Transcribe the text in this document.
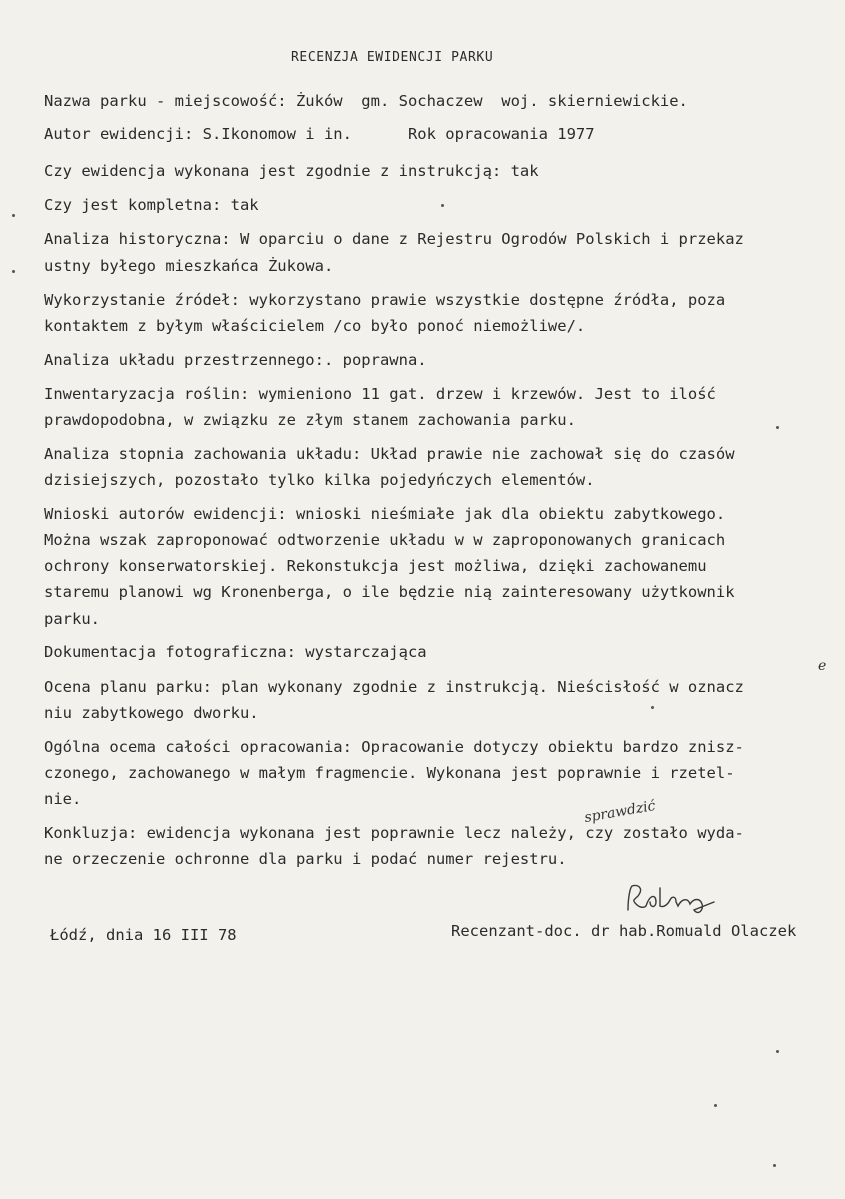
RECENZJA EWIDENCJI PARKU
Nazwa parku - miejscowość: Żuków  gm. Sochaczew  woj. skierniewickie.
Autor ewidencji: S.Ikonomow i in.      Rok opracowania 1977
Czy ewidencja wykonana jest zgodnie z instrukcją: tak
Czy jest kompletna: tak
Analiza historyczna: W oparciu o dane z Rejestru Ogrodów Polskich i przekaz
ustny byłego mieszkańca Żukowa.
Wykorzystanie źródeł: wykorzystano prawie wszystkie dostępne źródła, poza
kontaktem z byłym właścicielem /co było ponoć niemożliwe/.
Analiza układu przestrzennego:. poprawna.
Inwentaryzacja roślin: wymieniono 11 gat. drzew i krzewów. Jest to ilość
prawdopodobna, w związku ze złym stanem zachowania parku.
Analiza stopnia zachowania układu: Układ prawie nie zachował się do czasów
dzisiejszych, pozostało tylko kilka pojedyńczych elementów.
Wnioski autorów ewidencji: wnioski nieśmiałe jak dla obiektu zabytkowego.
Można wszak zaproponować odtworzenie układu w w zaproponowanych granicach
ochrony konserwatorskiej. Rekonstukcja jest możliwa, dzięki zachowanemu
staremu planowi wg Kronenberga, o ile będzie nią zainteresowany użytkownik
parku.
Dokumentacja fotograficzna: wystarczająca
e
Ocena planu parku: plan wykonany zgodnie z instrukcją. Nieścisłość w oznacz
niu zabytkowego dworku.
Ogólna ocema całości opracowania: Opracowanie dotyczy obiektu bardzo znisz-
czonego, zachowanego w małym fragmencie. Wykonana jest poprawnie i rzetel-
nie.	sprawdzić
Konkluzja: ewidencja wykonana jest poprawnie lecz należy, czy zostało wyda-
ne orzeczenie ochronne dla parku i podać numer rejestru.
Łódź, dnia 16 III 78	Recenzant-doc. dr hab.Romuald Olaczek
